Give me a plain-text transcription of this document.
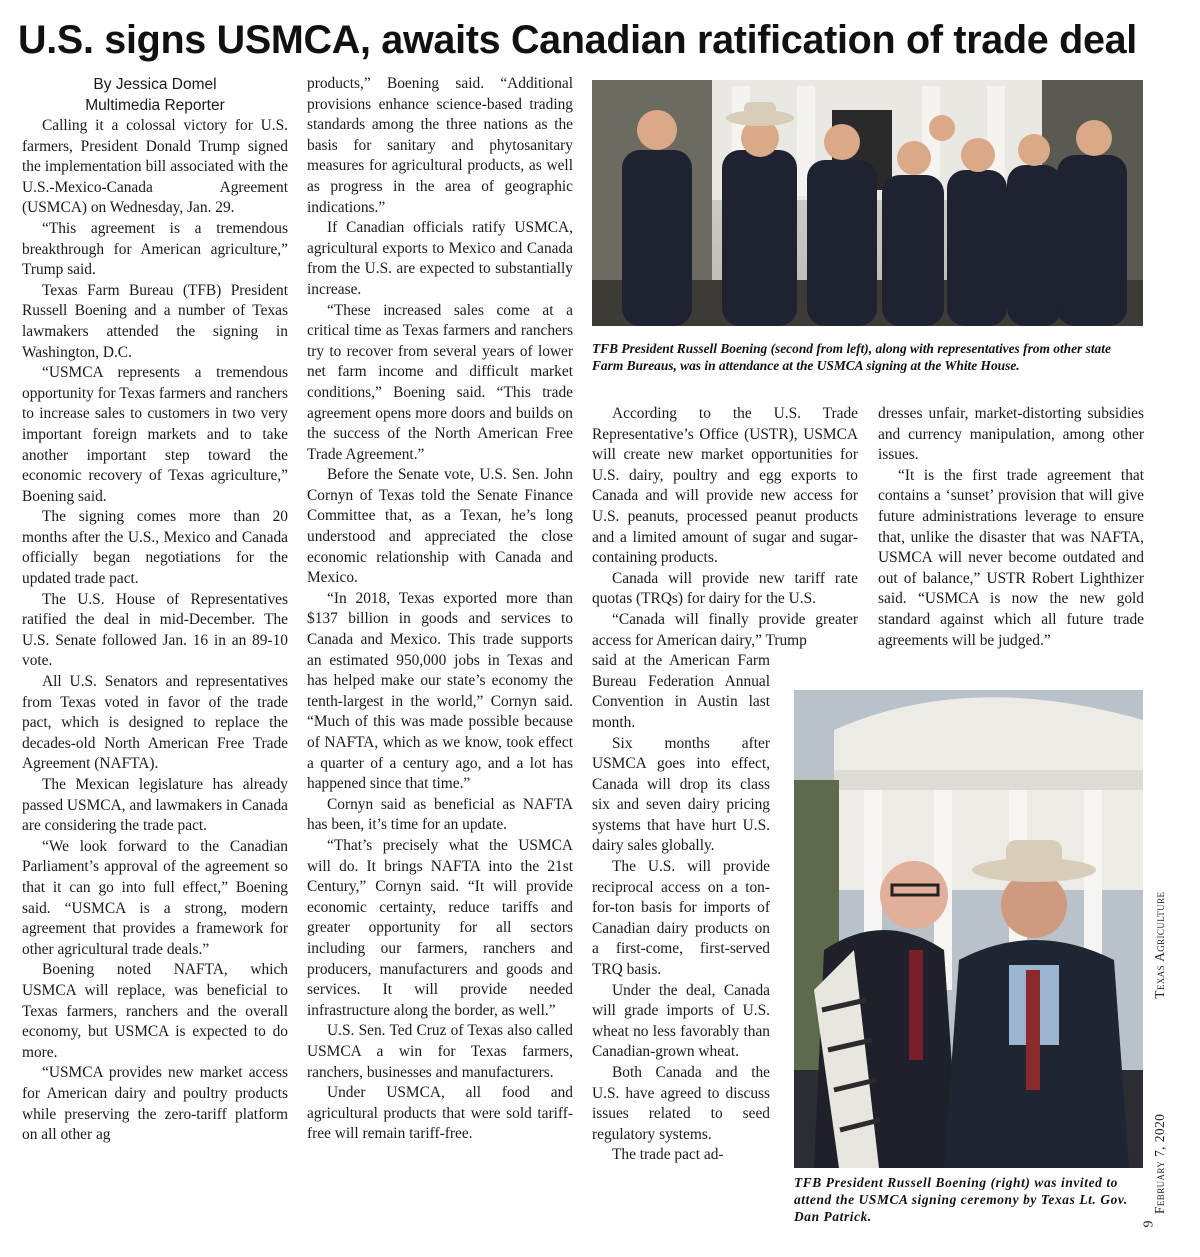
U.S. signs USMCA, awaits Canadian ratification of trade deal
By Jessica Domel
Multimedia Reporter

Calling it a colossal victory for U.S. farmers, President Donald Trump signed the implementation bill associated with the U.S.-Mexico-Canada Agreement (USMCA) on Wednesday, Jan. 29.

“This agreement is a tremendous breakthrough for American agriculture,” Trump said.

Texas Farm Bureau (TFB) President Russell Boening and a number of Texas lawmakers attended the signing in Washington, D.C.

“USMCA represents a tremendous opportunity for Texas farmers and ranchers to increase sales to customers in two very important foreign markets and to take another important step toward the economic recovery of Texas agriculture,” Boening said.

The signing comes more than 20 months after the U.S., Mexico and Canada officially began negotiations for the updated trade pact.

The U.S. House of Representatives ratified the deal in mid-December. The U.S. Senate followed Jan. 16 in an 89-10 vote.

All U.S. Senators and representatives from Texas voted in favor of the trade pact, which is designed to replace the decades-old North American Free Trade Agreement (NAFTA).

The Mexican legislature has already passed USMCA, and lawmakers in Canada are considering the trade pact.

“We look forward to the Canadian Parliament’s approval of the agreement so that it can go into full effect,” Boening said. “USMCA is a strong, modern agreement that provides a framework for other agricultural trade deals.”

Boening noted NAFTA, which USMCA will replace, was beneficial to Texas farmers, ranchers and the overall economy, but USMCA is expected to do more.

“USMCA provides new market access for American dairy and poultry products while preserving the zero-tariff platform on all other ag

products,” Boening said. “Additional provisions enhance science-based trading standards among the three nations as the basis for sanitary and phytosanitary measures for agricultural products, as well as progress in the area of geographic indications.”

If Canadian officials ratify USMCA, agricultural exports to Mexico and Canada from the U.S. are expected to substantially increase.

“These increased sales come at a critical time as Texas farmers and ranchers try to recover from several years of lower net farm income and difficult market conditions,” Boening said. “This trade agreement opens more doors and builds on the success of the North American Free Trade Agreement.”

Before the Senate vote, U.S. Sen. John Cornyn of Texas told the Senate Finance Committee that, as a Texan, he’s long understood and appreciated the close economic relationship with Canada and Mexico.

“In 2018, Texas exported more than $137 billion in goods and services to Canada and Mexico. This trade supports an estimated 950,000 jobs in Texas and has helped make our state’s economy the tenth-largest in the world,” Cornyn said. “Much of this was made possible because of NAFTA, which as we know, took effect a quarter of a century ago, and a lot has happened since that time.”

Cornyn said as beneficial as NAFTA has been, it’s time for an update.

“That’s precisely what the USMCA will do. It brings NAFTA into the 21st Century,” Cornyn said. “It will provide economic certainty, reduce tariffs and greater opportunity for all sectors including our farmers, ranchers and producers, manufacturers and goods and services. It will provide needed infrastructure along the border, as well.”

U.S. Sen. Ted Cruz of Texas also called USMCA a win for Texas farmers, ranchers, businesses and manufacturers.

Under USMCA, all food and agricultural products that were sold tariff-free will remain tariff-free.

According to the U.S. Trade Representative’s Office (USTR), USMCA will create new market opportunities for U.S. dairy, poultry and egg exports to Canada and will provide new access for U.S. peanuts, processed peanut products and a limited amount of sugar and sugar-containing products.

Canada will provide new tariff rate quotas (TRQs) for dairy for the U.S.

“Canada will finally provide greater access for American dairy,” Trump

said at the American Farm Bureau Federation Annual Convention in Austin last month.

Six months after USMCA goes into effect, Canada will drop its class six and seven dairy pricing systems that have hurt U.S. dairy sales globally.

The U.S. will provide reciprocal access on a ton-for-ton basis for imports of Canadian dairy products on a first-come, first-served TRQ basis.

Under the deal, Canada will grade imports of U.S. wheat no less favorably than Canadian-grown wheat.

Both Canada and the U.S. have agreed to discuss issues related to seed regulatory systems.

The trade pact ad-

dresses unfair, market-distorting subsidies and currency manipulation, among other issues.

“It is the first trade agreement that contains a ‘sunset’ provision that will give future administrations leverage to ensure that, unlike the disaster that was NAFTA, USMCA will never become outdated and out of balance,” USTR Robert Lighthizer said. “USMCA is now the new gold standard against which all future trade agreements will be judged.”

TFB President Russell Boening (second from left), along with representatives from other state Farm Bureaus, was in attendance at the USMCA signing at the White House.
TFB President Russell Boening (right) was invited to attend the USMCA signing ceremony by Texas Lt. Gov. Dan Patrick.
February 7, 2020Texas Agriculture
9
